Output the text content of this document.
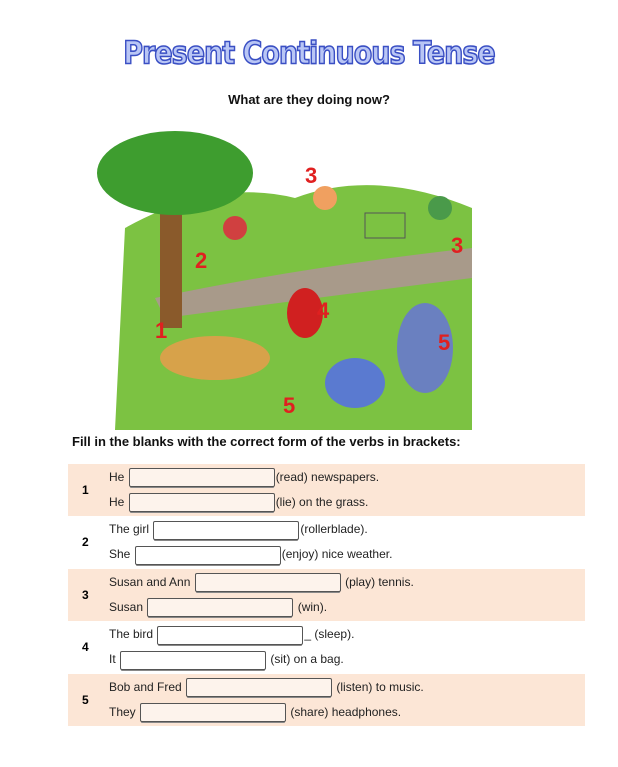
Present Continuous Tense
What are they doing now?
1
2
3
3
4
5
5
Fill in the blanks with the correct form of the verbs in brackets:
1
He	(read) newspapers.
He	(lie) on the grass.
2
The girl	(rollerblade).
She	(enjoy) nice weather.
3
Susan and Ann	(play) tennis.
Susan	(win).
4
The bird	_ (sleep).
It	(sit) on a bag.
5
Bob and Fred	(listen) to music.
They	(share) headphones.
